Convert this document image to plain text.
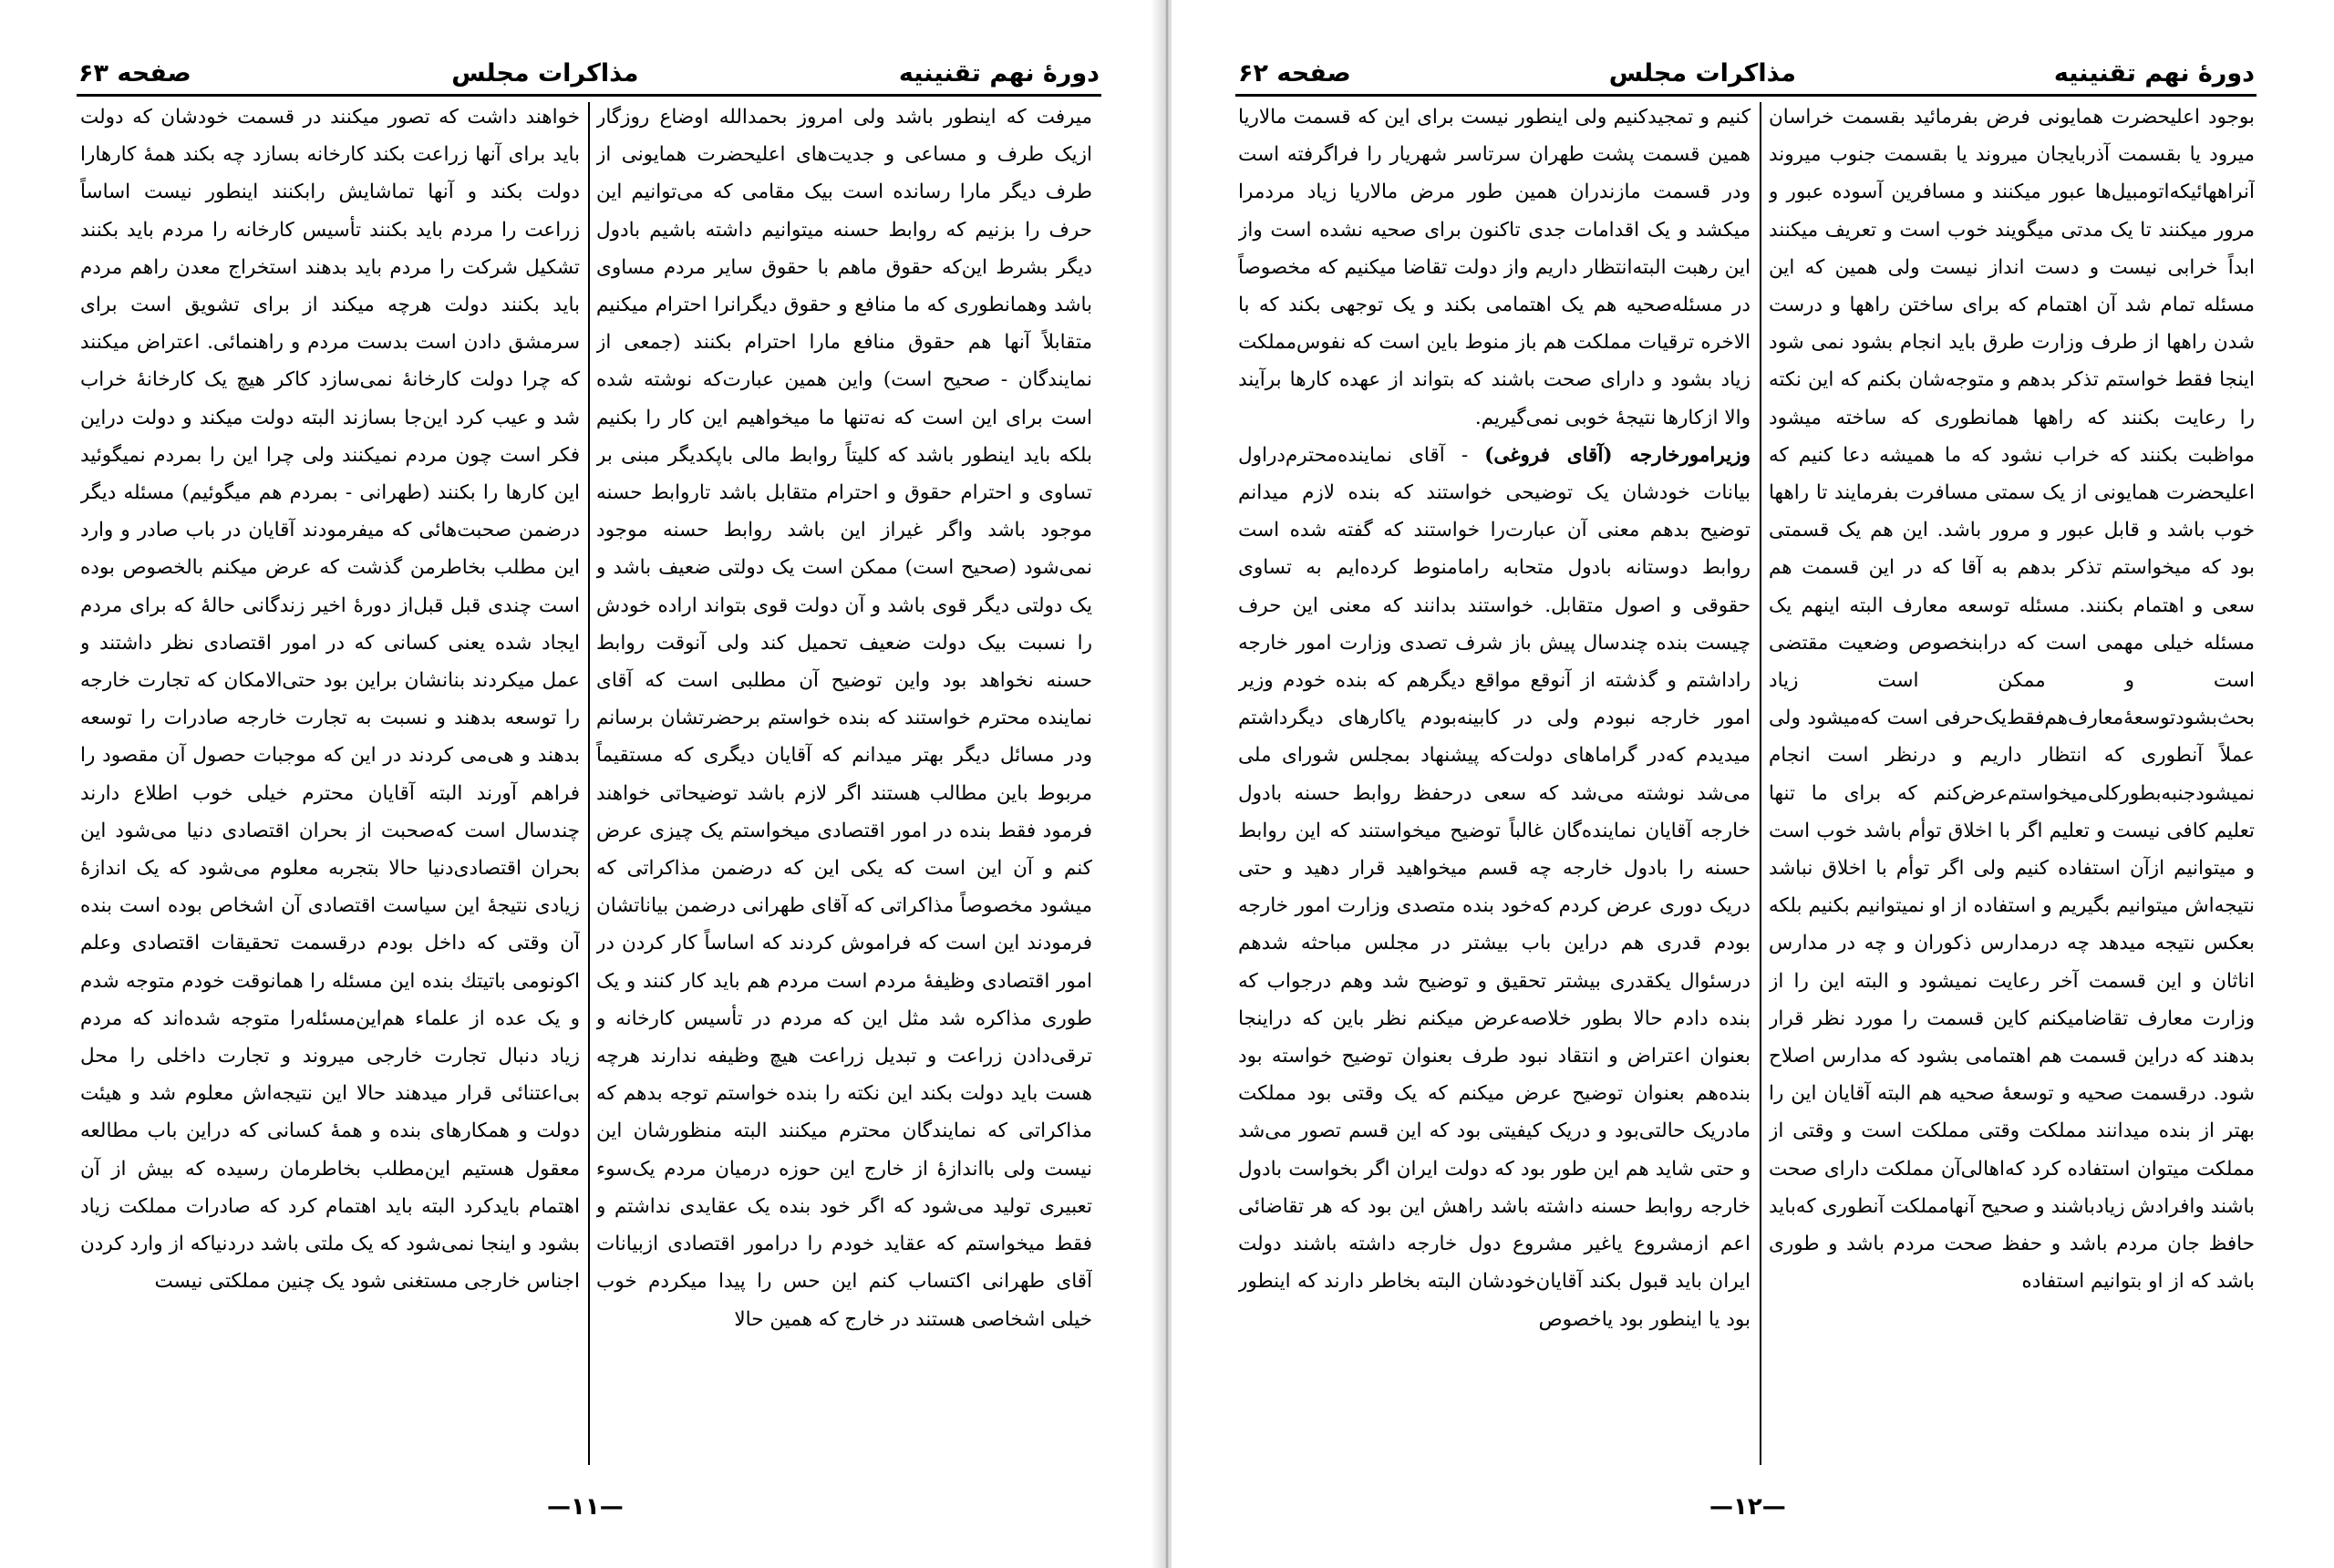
دورهٔ نهم تقنینیه
مذاکرات مجلس
صفحه ۶۳

میرفت که اینطور باشد ولی امروز بحمدالله اوضاع روزگار ازیک طرف و مساعی و جدیت‌های اعلیحضرت همایونی از طرف دیگر مارا رسانده است بیک مقامی که می‌توانیم این حرف را بزنیم که روابط حسنه میتوانیم داشته باشیم بادول دیگر بشرط این‌که حقوق ماهم با حقوق سایر مردم مساوی باشد وهمانطوری که ما منافع و حقوق دیگرانرا احترام میکنیم متقابلاً آنها هم حقوق منافع مارا احترام بکنند (جمعی از نمایندگان - صحیح است) واین همین عبارت‌که نوشته شده است برای این است که نه‌تنها ما میخواهیم این کار را بکنیم بلکه باید اینطور باشد که کلیتاً روابط مالی باپکدیگر مبنی بر تساوی و احترام حقوق و احترام متقابل باشد تاروابط حسنه موجود باشد واگر غیراز این باشد روابط حسنه موجود نمی‌شود (صحیح است) ممکن است یک دولتی ضعیف باشد و یک دولتی دیگر قوی باشد و آن دولت قوی بتواند اراده خودش را نسبت بیک دولت ضعیف تحمیل کند ولی آنوقت روابط حسنه نخواهد بود واین توضیح آن مطلبی است که آقای نماینده محترم خواستند که بنده خواستم برحضرتشان برسانم ودر مسائل دیگر بهتر میدانم که آقایان دیگری که مستقیماً مربوط باین مطالب هستند اگر لازم باشد توضیحاتی خواهند فرمود فقط بنده در امور اقتصادی میخواستم یک چیزی عرض کنم و آن این است که یکی این که درضمن مذاکراتی که میشود مخصوصاً مذاکراتی که آقای طهرانی درضمن بیاناتشان فرمودند این است که فراموش کردند که اساساً کار کردن در امور اقتصادی وظیفهٔ مردم است مردم هم باید کار کنند و یک طوری مذاکره شد مثل این که مردم در تأسیس کارخانه و ترقی‌دادن زراعت و تبدیل زراعت هیچ وظیفه ندارند هرچه هست باید دولت بکند این نکته را بنده خواستم توجه بدهم که مذاکراتی که نمایندگان محترم میکنند البته منظورشان این نیست ولی بااندازهٔ از خارج این حوزه درمیان مردم یک‌سوء تعبیری تولید می‌شود که اگر خود بنده یک عقایدی نداشتم و فقط میخواستم که عقاید خودم را درامور اقتصادی ازبیانات آقای طهرانی اکتساب کنم این حس را پیدا میکردم خوب خیلی اشخاصی هستند در خارج که همین حالا

خواهند داشت که تصور میکنند در قسمت خودشان که دولت باید برای آنها زراعت بکند کارخانه بسازد چه بکند همهٔ کارهارا دولت بکند و آنها تماشایش رابکنند اینطور نیست اساساً زراعت را مردم باید بکنند تأسیس کارخانه را مردم باید بکنند تشکیل شرکت را مردم باید بدهند استخراج معدن راهم مردم باید بکنند دولت هرچه میکند از برای تشویق است برای سرمشق دادن است بدست مردم و راهنمائی. اعتراض میکنند که چرا دولت کارخانهٔ نمی‌سازد کاکر هیچ یک کارخانهٔ خراب شد و عیب کرد این‌جا بسازند البته دولت میکند و دولت دراین فکر است چون مردم نمیکنند ولی چرا این را بمردم نمیگوئید این کارها را بکنند (طهرانی - بمردم هم میگوئیم) مسئله دیگر درضمن صحبت‌هائی که میفرمودند آقایان در باب صادر و وارد این مطلب بخاطرمن گذشت که عرض میکنم بالخصوص بوده است چندی قبل قبل‌از دورهٔ اخیر زندگانی حالهٔ که برای مردم ایجاد شده یعنی کسانی که در امور اقتصادی نظر داشتند و عمل میکردند بنانشان براین بود حتی‌الامکان که تجارت خارجه را توسعه بدهند و نسبت به تجارت خارجه صادرات را توسعه بدهند و هی‌می کردند در این که موجبات حصول آن مقصود را فراهم آورند البته آقایان محترم خیلی خوب اطلاع دارند چندسال است که‌صحبت از بحران اقتصادی دنیا می‌شود این بحران اقتصادی‌دنیا حالا بتجربه معلوم می‌شود که یک اندازهٔ زیادی نتیجهٔ این سیاست اقتصادی آن اشخاص بوده است بنده آن وقتی که داخل بودم درقسمت تحقیقات اقتصادی وعلم اکونومی باتیتك بنده این مسئله را همانوقت خودم متوجه شدم و یک عده از علماء هم‌این‌مسئله‌را متوجه شده‌اند که مردم زیاد دنبال تجارت خارجی میروند و تجارت داخلی را محل بی‌اعتنائی قرار میدهند حالا این نتیجه‌اش معلوم شد و هیئت دولت و همکارهای بنده و همهٔ کسانی که دراین باب مطالعه معقول هستیم این‌مطلب بخاطرمان رسیده که بیش از آن اهتمام باید‌کرد البته باید اهتمام کرد که صادرات مملکت زیاد بشود و اینجا نمی‌شود که یک ملتی باشد دردنیاکه از وارد کردن اجناس خارجی مستغنی شود یک چنین مملکتی نیست

—۱۱—
دورهٔ نهم تقنینیه
مذاکرات مجلس
صفحه ۶۲

بوجود اعلیحضرت همایونی فرض بفرمائید بقسمت خراسان میرود یا بقسمت آذربایجان میروند یا بقسمت جنوب میروند آنراههائیکه‌اتومبیل‌ها عبور میکنند و مسافرین آسوده عبور و مرور میکنند تا یک مدتی میگویند خوب است و تعریف میکنند ابداً خرابی نیست و دست انداز نیست ولی همین که این مسئله تمام شد آن اهتمام که برای ساختن راهها و درست شدن راهها از طرف وزارت طرق باید انجام بشود نمی شود اینجا فقط خواستم تذکر بدهم و متوجه‌شان بکنم که این نکته را رعایت بکنند که راهها همانطوری که ساخته میشود مواظبت بکنند که خراب نشود که ما همیشه دعا کنیم که اعلیحضرت همایونی از یک سمتی مسافرت بفرمایند تا راهها خوب باشد و قابل عبور و مرور باشد. این هم یک قسمتی بود که میخواستم تذکر بدهم به آقا که در این قسمت هم سعی و اهتمام بکنند. مسئله توسعه معارف البته اینهم یک مسئله خیلی مهمی است که درابنخصوص وضعیت مقتضی است و ممکن است زیاد بحث‌بشودتوسعهٔ‌معارف‌هم‌فقط‌یک‌حرفی است که‌میشود ولی عملاً آنطوری که انتظار داریم و درنظر است انجام نمیشود‌جنبه‌بطورکلی‌میخواستم‌عرض‌کنم که برای ما تنها تعلیم کافی نیست و تعلیم اگر با اخلاق توأم باشد خوب است و میتوانیم ازآن استفاده کنیم ولی اگر توأم با اخلاق نباشد نتیجه‌اش میتوانیم بگیریم و استفاده از او نمیتوانیم بکنیم بلکه بعکس نتیجه میدهد چه درمدارس ذکوران و چه در مدارس اناثان و این قسمت آخر رعایت نمیشود و البته این را از وزارت معارف تقاضامیکنم کاین قسمت را مورد نظر قرار بدهند که دراین قسمت هم اهتمامی بشود که مدارس اصلاح شود. درقسمت صحیه و توسعهٔ صحیه هم البته آقایان این را بهتر از بنده میدانند مملکت وقتی مملکت است و وقتی از مملکت میتوان استفاده کرد که‌اهالی‌آن مملکت دارای صحت باشند وافرادش زیادباشند و صحیح آنها‌مملکت آنطوری که‌باید حافظ جان مردم باشد و حفظ صحت مردم باشد و طوری باشد که از او بتوانیم استفاده

کنیم و تمجید‌کنیم ولی اینطور نیست برای این که قسمت مالاریا همین قسمت پشت طهران سرتاسر شهریار را فراگرفته است ودر قسمت مازندران همین طور مرض مالاریا زیاد مردمرا میکشد و یک اقدامات جدی تاکنون برای صحیه نشده است واز این رهبت البته‌انتظار داریم واز دولت تقاضا میکنیم که مخصوصاً در مسئله‌صحیه هم یک اهتمامی بکند و یک توجهی بکند که با الاخره ترقیات مملکت هم باز منوط باین است که نفوس‌مملکت زیاد بشود و دارای صحت باشند که بتواند از عهده کارها برآیند والا ازکارها نتیجهٔ خوبی نمی‌گیریم.

وزیرامورخارجه (آقای فروغی) - آقای نماینده‌محترم‌دراول بیانات خودشان یک توضیحی خواستند که بنده لازم میدانم توضیح بدهم معنی آن عبارت‌را خواستند که گفته شده است روابط دوستانه بادول متحابه رامامنوط کرده‌ایم به تساوی حقوقی و اصول متقابل. خواستند بدانند که معنی این حرف چیست بنده چندسال پیش باز شرف تصدی وزارت امور خارجه راداشتم و گذشته از آنوقع مواقع دیگرهم که بنده خودم وزیر امور خارجه نبودم ولی در کابینه‌بودم یاکارهای دیگرداشتم میدیدم که‌در گراماهای دولت‌که پیشنهاد بمجلس شورای ملی می‌شد نوشته می‌شد که سعی درحفظ روابط حسنه بادول خارجه آقایان نماینده‌گان غالباً توضیح میخواستند که این روابط حسنه را بادول خارجه چه قسم میخواهید قرار دهید و حتی دریک دوری عرض کردم که‌خود بنده متصدی وزارت امور خارجه بودم قدری هم دراین باب بیشتر در مجلس مباحثه شدهم درسئوال یکقدری بیشتر تحقیق و توضیح شد وهم درجواب که بنده دادم حالا بطور خلاصه‌عرض میکنم نظر باین که دراینجا بعنوان اعتراض و انتقاد نبود طرف بعنوان توضیح خواسته بود بنده‌هم بعنوان توضیح عرض میکنم که یک وقتی بود مملکت مادریک حالتی‌بود و دریک کیفیتی بود که این قسم تصور می‌شد و حتی شاید هم این طور بود که دولت ایران اگر بخواست بادول خارجه روابط حسنه داشته باشد راهش این بود که هر تقاضائی اعم ازمشروع یاغیر مشروع دول خارجه داشته باشند دولت ایران باید قبول بکند آقایان‌خودشان البته بخاطر دارند که اینطور بود یا اینطور بود یاخصوص

—۱۲—
